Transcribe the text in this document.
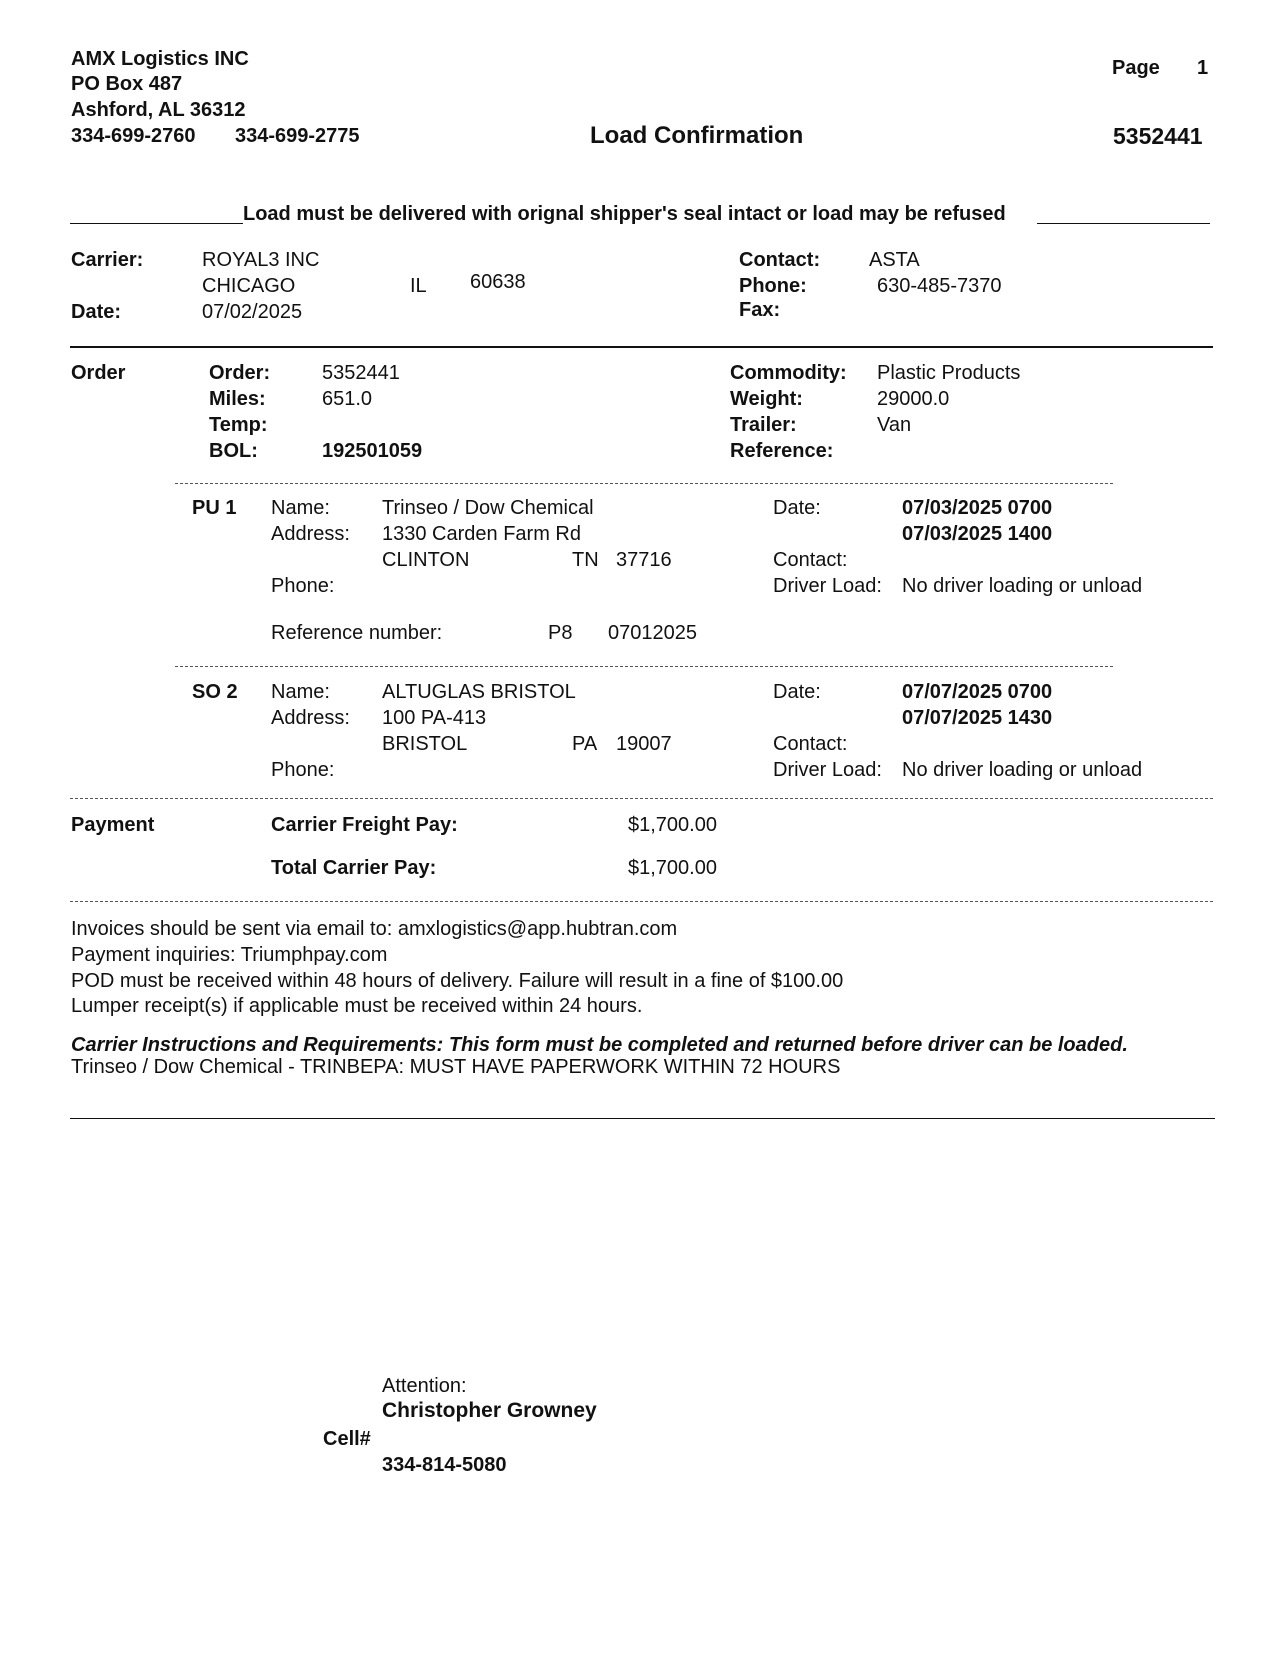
AMX Logistics INC
PO Box 487
Ashford, AL 36312
334-699-2760 334-699-2775
Page 1
Load Confirmation	5352441
Load must be delivered with orignal shipper's seal intact or load may be refused
Carrier:	ROYAL3 INC
CHICAGO	IL 60638
Date:	07/02/2025
Contact: ASTA
Phone:	630-485-7370
Fax:
Order	Order:	5352441
Miles:	651.0
Temp:
BOL:	192501059
Commodity: Plastic Products
Weight:	29000.0
Trailer:	Van
Reference:
PU 1 Name:	Trinseo / Dow Chemical
Address: 1330 Carden Farm Rd
CLINTON	TN 37716
Phone:
Date:	07/03/2025 0700
07/03/2025 1400
Contact:
Driver Load: No driver loading or unload
Reference number:	P8 07012025
SO 2 Name:	ALTUGLAS BRISTOL
Address: 100 PA-413
BRISTOL	PA 19007
Phone:
Date:	07/07/2025 0700
07/07/2025 1430
Contact:
Driver Load: No driver loading or unload
Payment	Carrier Freight Pay:	$1,700.00
Total Carrier Pay:	$1,700.00
Invoices should be sent via email to: amxlogistics@app.hubtran.com
Payment inquiries: Triumphpay.com
POD must be received within 48 hours of delivery. Failure will result in a fine of $100.00
Lumper receipt(s) if applicable must be received within 24 hours.
Carrier Instructions and Requirements: This form must be completed and returned before driver can be loaded.
Trinseo / Dow Chemical - TRINBEPA: MUST HAVE PAPERWORK WITHIN 72 HOURS
Attention:
Christopher Growney
Cell#
334-814-5080
